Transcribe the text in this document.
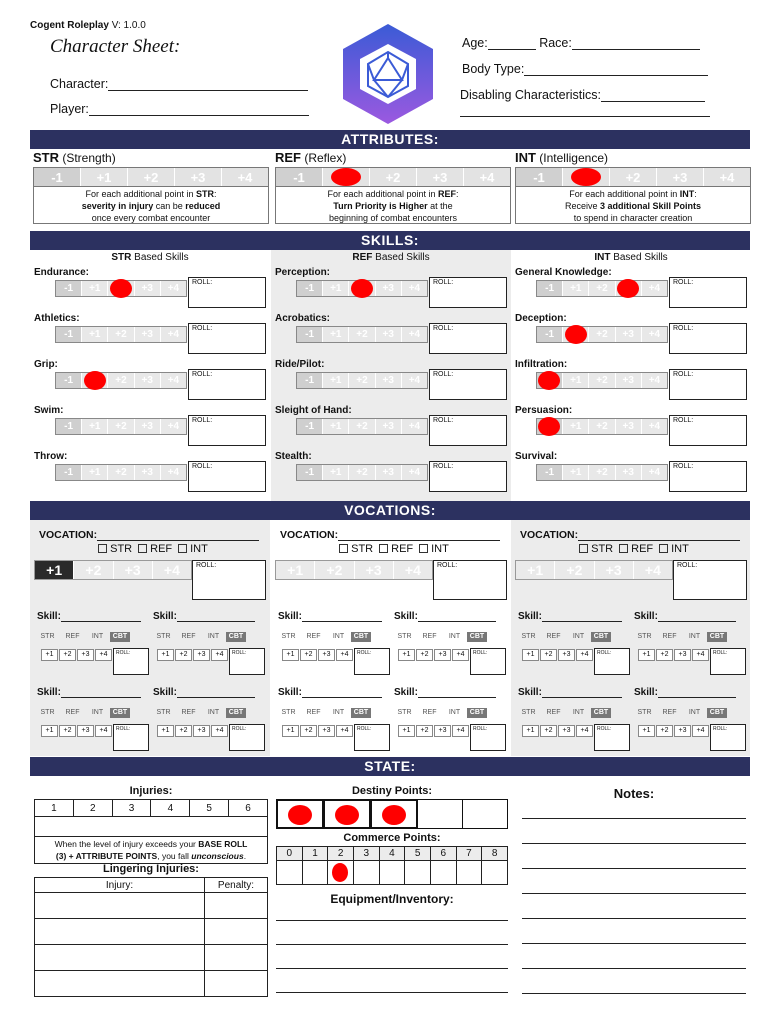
Cogent Roleplay V: 1.0.0
Character Sheet:
Character:
Player:
Age:	Race:
Body Type:
Disabling Characteristics:
ATTRIBUTES:
STR (Strength)
-1	+1	+2	+3	+4
For each additional point in STR:
severity in injury can be reduced
once every combat encounter
REF (Reflex)
-1	+2	+3	+4
For each additional point in REF:
Turn Priority is Higher at the
beginning of combat encounters
INT (Intelligence)
-1	+2	+3	+4
For each additional point in INT:
Receive 3 additional Skill Points
to spend in character creation
SKILLS:
STR Based Skills
Endurance:
-1	+1	+3	+4
ROLL:
Athletics:
-1	+1	+2	+3	+4
ROLL:
Grip:
-1	+2	+3	+4
ROLL:
Swim:
-1	+1	+2	+3	+4
ROLL:
Throw:
-1	+1	+2	+3	+4
ROLL:
REF Based Skills
Perception:
-1	+1	+3	+4
ROLL:
Acrobatics:
-1	+1	+2	+3	+4
ROLL:
Ride/Pilot:
-1	+1	+2	+3	+4
ROLL:
Sleight of Hand:
-1	+1	+2	+3	+4
ROLL:
Stealth:
-1	+1	+2	+3	+4
ROLL:
INT Based Skills
General Knowledge:
-1	+1	+2	+4
ROLL:
Deception:
-1	+2	+3	+4
ROLL:
Infiltration:
+1	+2	+3	+4
ROLL:
Persuasion:
+1	+2	+3	+4
ROLL:
Survival:
-1	+1	+2	+3	+4
ROLL:
VOCATIONS:
VOCATION:
STR REF INT
+1	+2	+3	+4	ROLL:
Skill:
STR	REF	INT	CBT
+1	+2	+3	+4	ROLL:
Skill:
STR	REF	INT	CBT
+1	+2	+3	+4	ROLL:
Skill:
STR	REF	INT	CBT
+1	+2	+3	+4	ROLL:
Skill:
STR	REF	INT	CBT
+1	+2	+3	+4	ROLL:
VOCATION:
STR REF INT
+1	+2	+3	+4	ROLL:
Skill:
STR	REF	INT	CBT
+1	+2	+3	+4	ROLL:
Skill:
STR	REF	INT	CBT
+1	+2	+3	+4	ROLL:
Skill:
STR	REF	INT	CBT
+1	+2	+3	+4	ROLL:
Skill:
STR	REF	INT	CBT
+1	+2	+3	+4	ROLL:
VOCATION:
STR REF INT
+1	+2	+3	+4	ROLL:
Skill:
STR	REF	INT	CBT
+1	+2	+3	+4	ROLL:
Skill:
STR	REF	INT	CBT
+1	+2	+3	+4	ROLL:
Skill:
STR	REF	INT	CBT
+1	+2	+3	+4	ROLL:
Skill:
STR	REF	INT	CBT
+1	+2	+3	+4	ROLL:
STATE:
Injuries:
1	2	3	4	5	6

When the level of injury exceeds your BASE ROLL
(3) + ATTRIBUTE POINTS, you fall unconscious.
Lingering Injuries:
Injury:	Penalty:

Destiny Points:
Commerce Points:
0	1	2	3	4	5	6	7	8

Equipment/Inventory:
Notes:
